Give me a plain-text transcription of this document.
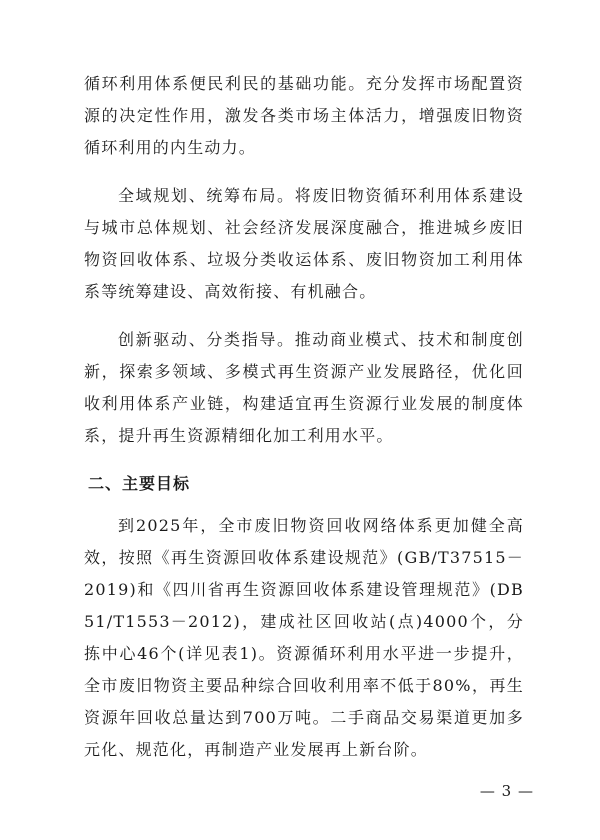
循环利用体系便民利民的基础功能。充分发挥市场配置资源的决定性作用，激发各类市场主体活力，增强废旧物资循环利用的内生动力。

全域规划、统筹布局。将废旧物资循环利用体系建设与城市总体规划、社会经济发展深度融合，推进城乡废旧物资回收体系、垃圾分类收运体系、废旧物资加工利用体系等统筹建设、高效衔接、有机融合。

创新驱动、分类指导。推动商业模式、技术和制度创新，探索多领域、多模式再生资源产业发展路径，优化回收利用体系产业链，构建适宜再生资源行业发展的制度体系，提升再生资源精细化加工利用水平。

二、主要目标

到2025年，全市废旧物资回收网络体系更加健全高效，按照《再生资源回收体系建设规范》(GB/T37515－2019)和《四川省再生资源回收体系建设管理规范》(DB51/T1553－2012)，建成社区回收站(点)4000个，分拣中心46个(详见表1)。资源循环利用水平进一步提升，全市废旧物资主要品种综合回收利用率不低于80%，再生资源年回收总量达到700万吨。二手商品交易渠道更加多元化、规范化，再制造产业发展再上新台阶。

— 3 —
